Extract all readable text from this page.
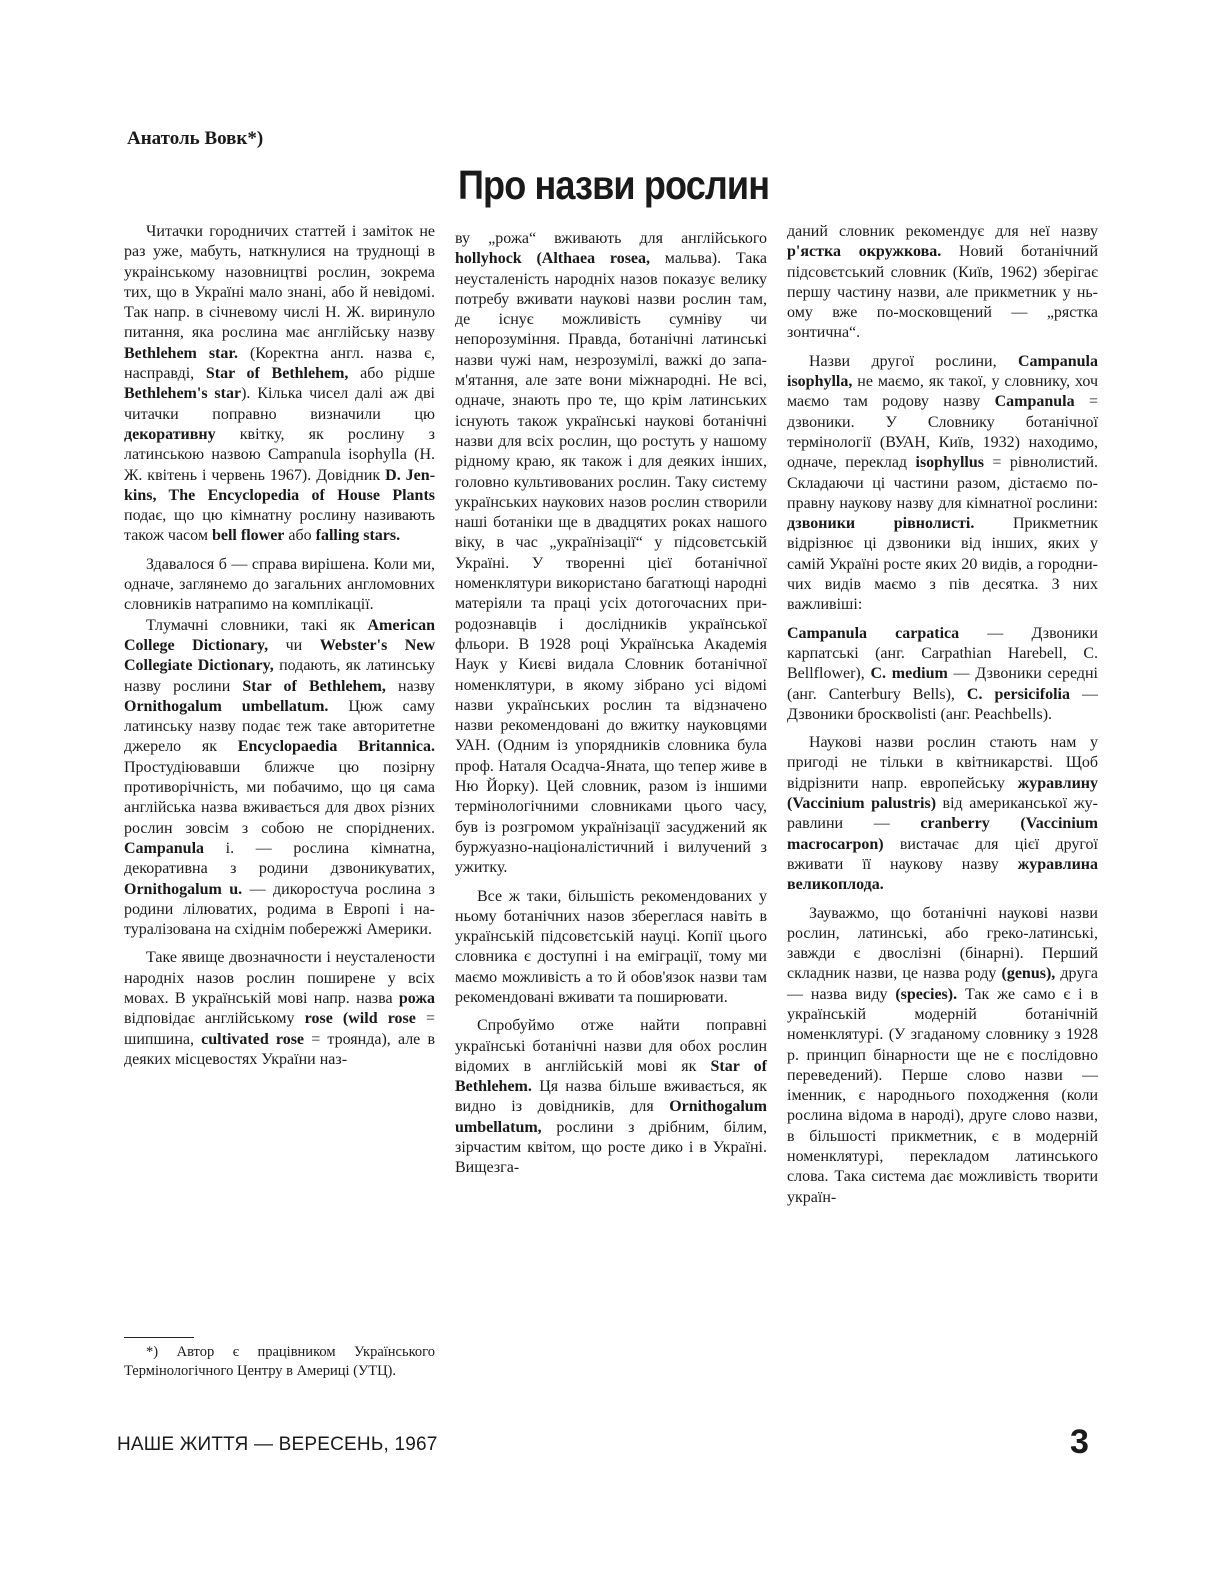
Анатоль Вовк*)
Про назви рослин

Читачки городничих статтей і заміток не раз уже, мабуть, наткнулися на труднощі в украінському назовництві рослин, зокрема тих, що в Україні мало знані, або й невідомі. Так напр. в січневому числі Н. Ж. виринуло питання, яка рослина має англійську назву Bethlehem star. (Коректна англ. назва є, насправді, Star of Bethlehem, або рідше Bethlehem's star). Кілька чисел далі аж дві читачки поправно визначили цю декоративну квітку, як рослину з латинською назвою Campanula isophylla (Н. Ж. квітень і червень 1967). Довідник D. Jenkins, The Encyclopedia of House Plants подає, що цю кімнатну рослину називають також часом bell flower або falling stars.

Здавалося б — справа вирішена. Коли ми, одначе, заглянемо до загальних англомовних словників натрапимо на комплікації.

Тлумачні словники, такі як American College Dictionary, чи Webster's New Collegiate Dictionary, подають, як латинську назву рослини Star of Bethlehem, назву Ornithogalum umbellatum. Цюж саму латинську назву подає теж таке авторитетне джерело як Encyclopaedia Britannica. Простудіювавши ближче цю позірну противорічність, ми побачимо, що ця сама англійська назва вживається для двох різних рослин зовсім з собою не споріднених. Campanula і. — рослина кімнатна, декоративна з родини дзвоникуватих, Ornithogalum u. — дикоростуча рослина з родини лілюватих, родима в Европі і натуралізована на східнім побережжі Америки.

Таке явище двозначности і неусталености народніх назов рослин поширене у всіх мовах. В українській мові напр. назва рожа відповідає англійському rose (wild rose = шипшина, cultivated rose = троянда), але в деяких місцевостях України наз-

*) Автор є працівником Українського Термінологічного Центру в Америці (УТЦ).

ву „рожа“ вживають для англійського hollyhock (Althaea rosea, мальва). Така неусталеність народніх назов показує велику потребу вживати наукові назви рослин там, де існує можливість сумніву чи непорозуміння. Правда, ботанічні латинські назви чужі нам, незрозумілі, важкі до запам'ятання, але зате вони міжнародні. Не всі, одначе, знають про те, що крім латинських існують також українські наукові ботанічні назви для всіх рослин, що ростуть у нашому рідному краю, як також і для деяких інших, головно культивованих рослин. Таку систему українських наукових назов рослин створили наші ботаніки ще в двадцятих роках нашого віку, в час „українізації“ у підсовєтській Україні. У творенні цієї ботанічної номенклятури використано багатющі народні матеріяли та праці усіх дотогочасних природознавців і дослідників української фльори. В 1928 році Українська Академія Наук у Києві видала Словник ботанічної номенклятури, в якому зібрано усі відомі назви українських рослин та відзначено назви рекомендовані до вжитку науковцями УАН. (Одним із упорядників словника була проф. Наталя Осадча-Яната, що тепер живе в Ню Йорку). Цей словник, разом із іншими термінологічними словниками цього часу, був із розгромом українізації засуджений як буржуазно-націоналістичний і вилучений з ужитку.

Все ж таки, більшість рекомендованих у ньому ботанічних назов збереглася навіть в українській підсовєтській науці. Копії цього словника є доступні і на еміграції, тому ми маємо можливість а то й обов'язок назви там рекомендовані вживати та поширювати.

Спробуймо отже найти поправні українські ботанічні назви для обох рослин відомих в англійській мові як Star of Bethlehem. Ця назва більше вживається, як видно із довідників, для Ornithogalum umbellatum, рослини з дрібним, білим, зірчастим квітом, що росте дико і в Україні. Вищезга-

даний словник рекомендує для неї назву р'ястка окружкова. Новий ботанічний підсовєтський словник (Київ, 1962) зберігає першу частину назви, але прикметник у ньому вже по-московщений — „рястка зонтична“.

Назви другої рослини, Campanula isophylla, не маємо, як такої, у словнику, хоч маємо там родову назву Campanula = дзвоники. У Словнику ботанічної термінології (ВУАН, Київ, 1932) находимо, одначе, переклад isophyllus = рівнолистий. Складаючи ці частини разом, дістаємо поправну наукову назву для кімнатної рослини: дзвоники рівнолисті. Прикметник відрізнює ці дзвоники від інших, яких у самій Україні росте яких 20 видів, а городничих видів маємо з пів десятка. З них важливіші:

Campanula carpatica — Дзвоники карпатські (анг. Carpathian Harebell, C. Bellflower), C. medium — Дзвоники середні (анг. Canterbury Bells), C. persicifolia — Дзвоники бросквolisti (анг. Peachbells).

Наукові назви рослин стають нам у пригоді не тільки в квітникарстві. Щоб відрізнити напр. европейську журавлину (Vaccinium palustris) від американської журавлини — cranberry (Vaccinium macrocarpon) вистачає для цієї другої вживати її наукову назву журавлина великоплода.

Зауважмо, що ботанічні наукові назви рослин, латинські, або греко-латинські, завжди є двослізні (бінарні). Перший складник назви, це назва роду (genus), друга — назва виду (species). Так же само є і в українській модерній ботанічній номенклятурі. (У згаданому словнику з 1928 р. принцип бінарности ще не є послідовно переведений). Перше слово назви — іменник, є народнього походження (коли рослина відома в народі), друге слово назви, в більшості прикметник, є в модерній номенклятурі, перекладом латинського слова. Така система дає можливість творити україн-

НАШЕ ЖИТТЯ — ВЕРЕСЕНЬ, 1967	3
